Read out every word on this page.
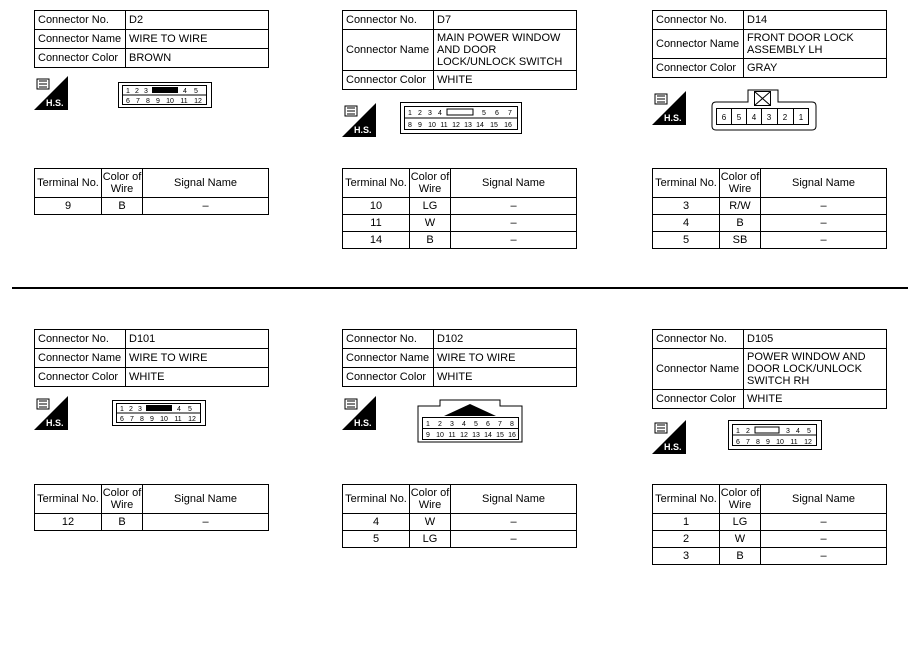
Connector No.	D2
Connector Name	WIRE TO WIRE
Connector Color	BROWN
H.S.
1 2 3	4 5
6 7 8 9 10 11 12
Terminal No.	Color of Wire	Signal Name
9	B	–
Connector No.	D7
Connector Name	MAIN POWER WINDOW AND DOOR LOCK/UNLOCK SWITCH
Connector Color	WHITE
H.S.
1 2 3 4	5 6 7
8 9 10 11 12 13 14 15 16
Terminal No.	Color of Wire	Signal Name
10	LG	–
11	W	–
14	B	–
Connector No.	D14
Connector Name	FRONT DOOR LOCK ASSEMBLY LH
Connector Color	GRAY
H.S.	6 5 4 3 2 1
Terminal No.	Color of Wire	Signal Name
3	R/W	–
4	B	–
5	SB	–
Connector No.	D101
Connector Name	WIRE TO WIRE
Connector Color	WHITE
H.S.
1 2 3	4 5
6 7 8 9 10 11 12
Terminal No.	Color of Wire	Signal Name
12	B	–
Connector No.	D102
Connector Name	WIRE TO WIRE
Connector Color	WHITE
H.S.	1 2 3 4 5 6 7 8
9 10 11 12 13 14 15 16
Terminal No.	Color of Wire	Signal Name
4	W	–
5	LG	–
Connector No.	D105
Connector Name	POWER WINDOW AND DOOR LOCK/UNLOCK SWITCH RH
Connector Color	WHITE
H.S.
1 2	3 4 5
6 7 8 9 10 11 12
Terminal No.	Color of Wire	Signal Name
1	LG	–
2	W	–
3	B	–
